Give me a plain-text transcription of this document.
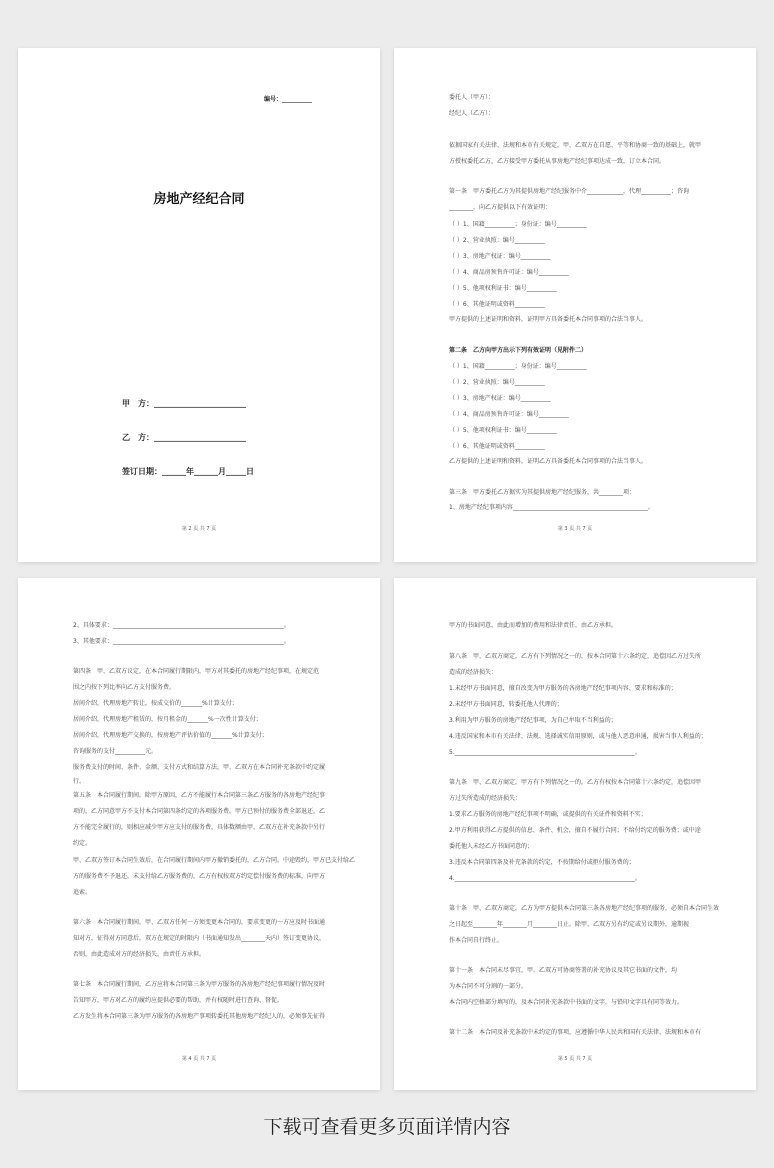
编号：__________
房地产经纪合同
甲　方：_______________________
乙　方：_______________________
签订日期：______年______月_____日
第 2 页 共 7 页
委托人（甲方）：
经纪人（乙方）：
依据国家有关法律、法规和本市有关规定，甲、乙双方在自愿、平等和协商一致的基础上，就甲
方授权委托乙方，乙方接受甲方委托从事房地产经纪事项达成一致，订立本合同。
第一条　甲方委托乙方为其提供房地产经纪服务中介____________，代理__________；咨询
________，向乙方提供以下有效证明：
（ ）1、国籍__________；身份证：编号__________
（ ）2、营业执照：编号__________
（ ）3、房地产权证：编号__________
（ ）4、商品房预售许可证：编号__________
（ ）5、他项权利证书：编号__________
（ ）6、其他证明或资料__________
甲方提供的上述证明和资料，证明甲方具备委托本合同事项的合法当事人。
第二条　乙方向甲方出示下列有效证明（见附件二）
（ ）1、国籍__________；身份证：编号__________
（ ）2、营业执照：编号__________
（ ）3、房地产权证：编号__________
（ ）4、商品房预售许可证：编号__________
（ ）5、他项权利证书：编号__________
（ ）6、其他证明或资料__________
乙方提供的上述证明和资料，证明乙方具备委托本合同事项的合法当事人。
第三条　甲方委托乙方据实为其提供房地产经纪服务，共________项：
1、房地产经纪事项内容_____________________________________________。
第 3 页 共 7 页
2、具体要求：_________________________________________________________。
3、其他要求：_________________________________________________________。
第四条　甲、乙双方议定，在本合同履行期限内，甲方对其委托的房地产经纪事项，在规定范
围之内按下列比率向乙方支付服务费。
居间介绍，代理房地产转让，按成交价的_______%计算支付；
居间介绍，代理房地产租赁的，按月租金的_______%一次性计算支付；
居间介绍，代理房地产交换的，按房地产评估价值的_______%计算支付；
咨询服务的支付__________元。
服务费支付的时间、条件、金额、支付方式和结算方法，甲、乙双方在本合同补充条款中约定履
行。
第五条　本合同履行期间，除甲方原因，乙方不能履行本合同第三条乙方服务的各房地产经纪事
项的，乙方同意甲方不支付本合同第四条约定的各项服务费。甲方已预付的服务费全部退还。乙
方不能完全履行的，则相应减少甲方应支付的服务费，具体数额由甲、乙双方在补充条款中另行
约定。
甲、乙双方签订本合同生效后，在合同履行期间内甲方撤销委托的，乙方合同。中途毁约，甲方已支付给乙
方的服务费不予退还。未支付给乙方服务费的，乙方有权按双方约定偿付服务费的标准，向甲方
追索。
第六条　本合同履行期间，甲、乙双方任何一方须变更本合同的，要求变更的一方应及时书面通
知对方，征得对方同意后，双方在规定的时限内（书面通知发出________天内）签订变更协议，
否则，由此造成对方的经济损失，由责任方承担。
第七条　本合同履行期间，乙方应将本合同第三条为甲方服务的各房地产经纪事项履行情况及时
告知甲方，甲方对乙方的履约应提供必要的帮助，并有权随时进行查询、督促。
乙方发生将本合同第三条为甲方服务的各房地产事项转委托其他房地产经纪人的，必须事先征得
第 4 页 共 7 页
甲方的书面同意，由此而增加的费用和法律责任，由乙方承担。
第八条　甲、乙双方商定，乙方有下列情况之一的，按本合同第十六条约定，追偿因乙方过失所
造成的经济损失：
1.未经甲方书面同意，擅自改变为甲方服务的各房地产经纪事项内容、要求和标准的；
2.未经甲方书面同意，转委托他人代理的；
3.利用为甲方服务的房地产经纪事项，为自己牟取不当利益的；
4.违反国家和本市有关法律、法规、选择诚实信用原则，或与他人恶意串通，损害当事人利益的；
5.____________________________________________________________。
第九条　甲、乙双方商定，甲方有下列情况之一的，乙方有权按本合同第十六条约定，追偿因甲
方过失所造成的经济损失：
1.要求乙方服务的房地产经纪事项不明确，或提供的有关证件和资料不实；
2.甲方利用获得乙方提供的信息、条件、机会，擅自不履行合同；不给付约定的服务费；或中途
委托他人未经乙方书面同意的；
3.违反本合同第四条及补充条款的约定，不按期给付或拒付服务费的；
4.____________________________________________________________。
第十条　甲、乙双方商定，乙方为甲方提供本合同第三条各房地产经纪事项的服务，必须自本合同生效
之日起至________年________月________日止。除甲、乙双方另有约定或另议期外，逾期视
作本合同自行终止。
第十一条　本合同未尽事宜，甲、乙双方可协商签署的补充协议及其它书面的文件，均
为本合同不可分割的一部分。
本合同内空格部分填写的，及本合同补充条款中书面的文字，与铅印文字具有同等效力。
第十二条　本合同及补充条款中未约定的事项，应遵循中华人民共和国有关法律、法规和本市有
第 5 页 共 7 页
下载可查看更多页面详情内容
